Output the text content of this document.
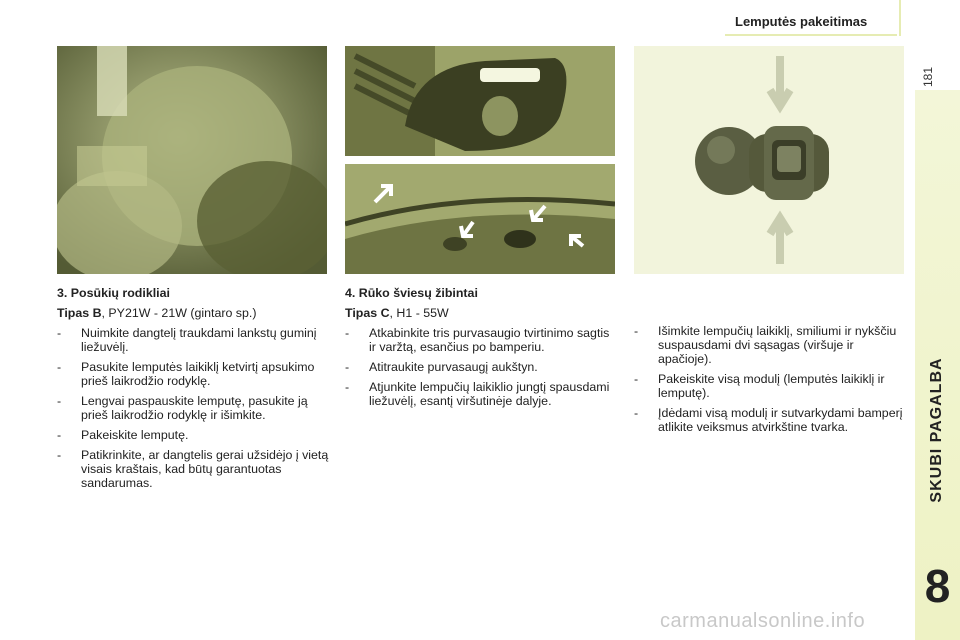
Lemputės pakeitimas
181
SKUBI PAGALBA
8
3. Posūkių rodikliai

Tipas B, PY21W - 21W (gintaro sp.)

- Nuimkite dangtelį traukdami lankstų guminį liežuvėlį.
- Pasukite lemputės laikiklį ketvirtį apsukimo prieš laikrodžio rodyklę.
- Lengvai paspauskite lemputę, pasukite ją prieš laikrodžio rodyklę ir išimkite.
- Pakeiskite lemputę.
- Patikrinkite, ar dangtelis gerai užsidėjo į vietą visais kraštais, kad būtų garantuotas sandarumas.
4. Rūko šviesų žibintai

Tipas C, H1 - 55W

- Atkabinkite tris purvasaugio tvirtinimo sagtis ir varžtą, esančius po bamperiu.
- Atitraukite purvasaugį aukštyn.
- Atjunkite lempučių laikiklio jungtį spausdami liežuvėlį, esantį viršutinėje dalyje.
- Išimkite lempučių laikiklį, smiliumi ir nykščiu suspausdami dvi sąsagas (viršuje ir apačioje).
- Pakeiskite visą modulį (lemputės laikiklį ir lemputę).
- Įdėdami visą modulį ir sutvarkydami bamperį atlikite veiksmus atvirkštine tvarka.
carmanualsonline.info
